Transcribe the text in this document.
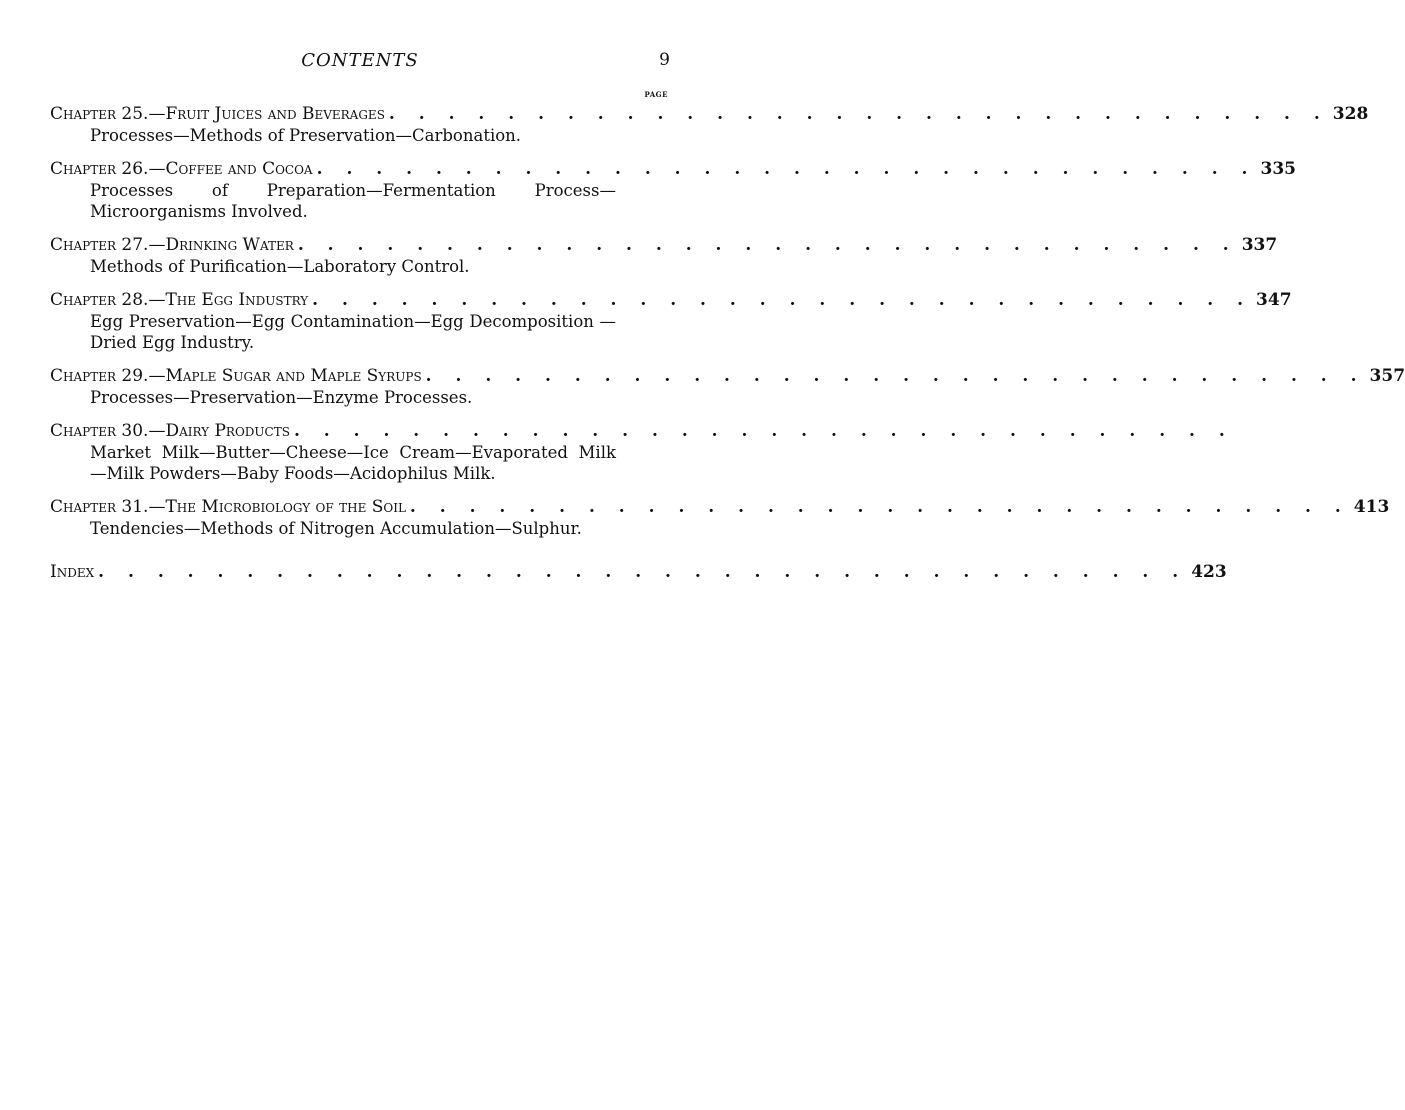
CONTENTS	9
PAGE
Chapter 25.—Fruit Juices and Beverages . . . . . . . . . . . . . . . . . . . . . . . . . . . . . . . . 328
Processes—Methods of Preservation—Carbonation.
Chapter 26.—Coffee and Cocoa . . . . . . . . . . . . . . . . . . . . . . . . . . . . . . . . 335
Processes of Preparation—Fermentation Process—Microorganisms Involved.
Chapter 27.—Drinking Water . . . . . . . . . . . . . . . . . . . . . . . . . . . . . . . . 337
Methods of Purification—Laboratory Control.
Chapter 28.—The Egg Industry . . . . . . . . . . . . . . . . . . . . . . . . . . . . . . . . 347
Egg Preservation—Egg Contamination—Egg Decomposition —Dried Egg Industry.
Chapter 29.—Maple Sugar and Maple Syrups . . . . . . . . . . . . . . . . . . . . . . . . . . . . . . . . 357
Processes—Preservation—Enzyme Processes.
Chapter 30.—Dairy Products . . . . . . . . . . . . . . . . . . . . . . . . . . . . . . . .
Market Milk—Butter—Cheese—Ice Cream—Evaporated Milk—Milk Powders—Baby Foods—Acidophilus Milk.
Chapter 31.—The Microbiology of the Soil . . . . . . . . . . . . . . . . . . . . . . . . . . . . . . . . 413
Tendencies—Methods of Nitrogen Accumulation—Sulphur.
Index . . . . . . . . . . . . . . . . . . . . . . . . . . . . . . . . . . . . . 423
